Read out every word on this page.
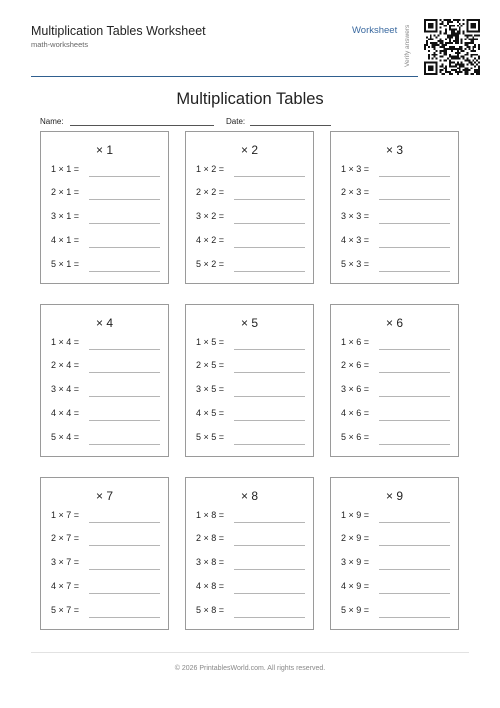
Multiplication Tables Worksheet
math-worksheets
Worksheet Verify answers
Multiplication Tables
Name:	Date:
× 1
1 × 1 =
2 × 1 =
3 × 1 =
4 × 1 =
5 × 1 =
× 2
1 × 2 =
2 × 2 =
3 × 2 =
4 × 2 =
5 × 2 =
× 3
1 × 3 =
2 × 3 =
3 × 3 =
4 × 3 =
5 × 3 =
× 4
1 × 4 =
2 × 4 =
3 × 4 =
4 × 4 =
5 × 4 =
× 5
1 × 5 =
2 × 5 =
3 × 5 =
4 × 5 =
5 × 5 =
× 6
1 × 6 =
2 × 6 =
3 × 6 =
4 × 6 =
5 × 6 =
× 7
1 × 7 =
2 × 7 =
3 × 7 =
4 × 7 =
5 × 7 =
× 8
1 × 8 =
2 × 8 =
3 × 8 =
4 × 8 =
5 × 8 =
× 9
1 × 9 =
2 × 9 =
3 × 9 =
4 × 9 =
5 × 9 =
© 2026 PrintablesWorld.com. All rights reserved.
